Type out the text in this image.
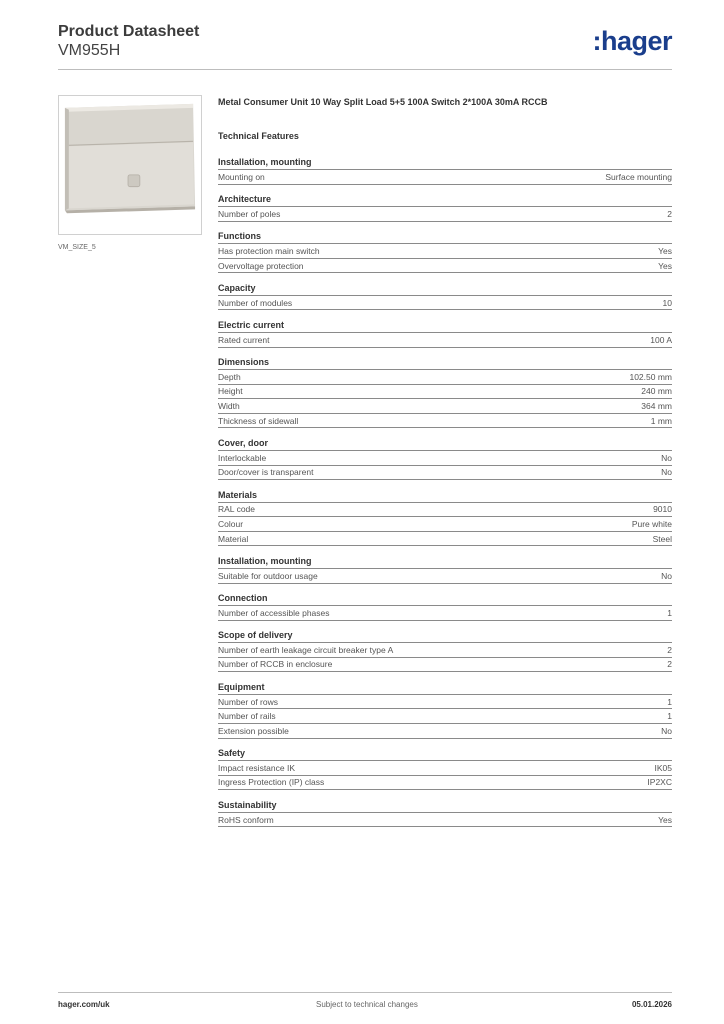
Product Datasheet
VM955H	:hager
VM_SIZE_5
Metal Consumer Unit 10 Way Split Load 5+5 100A Switch 2*100A 30mA RCCB
Technical Features
Installation, mounting
Mounting on	Surface mounting
Architecture
Number of poles	2
Functions
Has protection main switch	Yes
Overvoltage protection	Yes
Capacity
Number of modules	10
Electric current
Rated current	100 A
Dimensions
Depth	102.50 mm
Height	240 mm
Width	364 mm
Thickness of sidewall	1 mm
Cover, door
Interlockable	No
Door/cover is transparent	No
Materials
RAL code	9010
Colour	Pure white
Material	Steel
Installation, mounting
Suitable for outdoor usage	No
Connection
Number of accessible phases	1
Scope of delivery
Number of earth leakage circuit breaker type A	2
Number of RCCB in enclosure	2
Equipment
Number of rows	1
Number of rails	1
Extension possible	No
Safety
Impact resistance IK	IK05
Ingress Protection (IP) class	IP2XC
Sustainability
RoHS conform	Yes
hager.com/uk	Subject to technical changes	05.01.2026
